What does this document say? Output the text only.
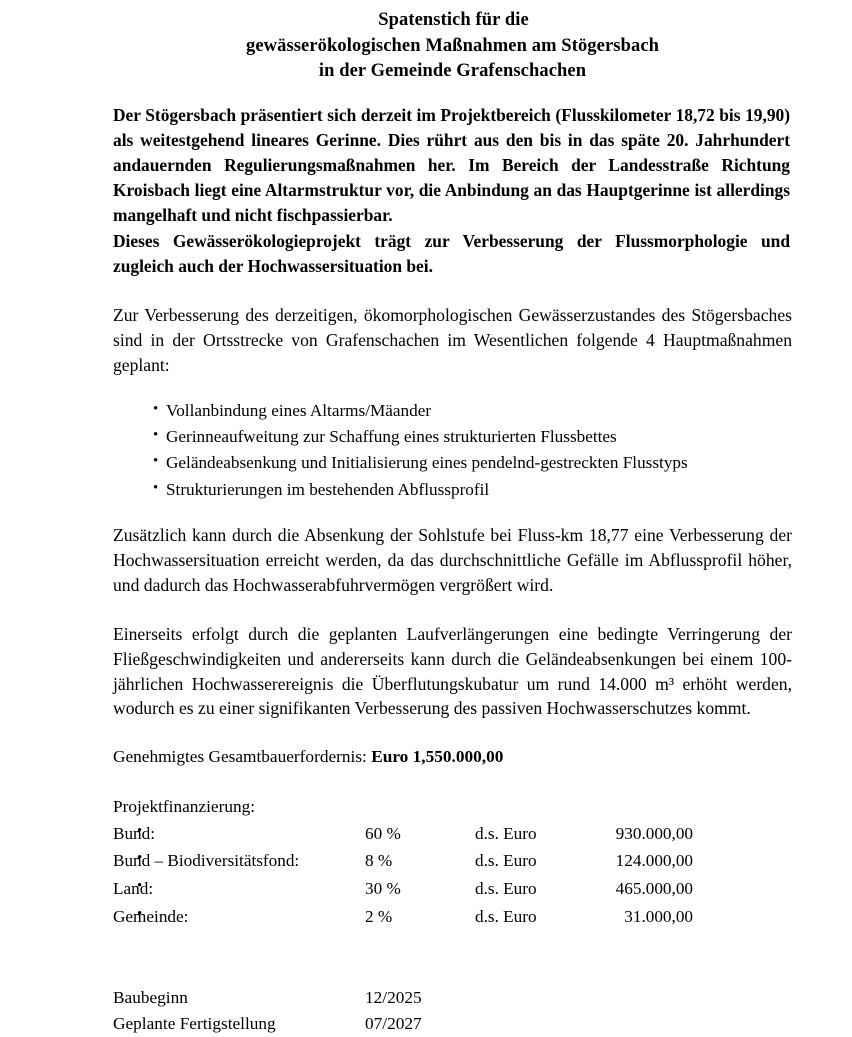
Spatenstich für die
gewässerökologischen Maßnahmen am Stögersbach
in der Gemeinde Grafenschachen

Der Stögersbach präsentiert sich derzeit im Projektbereich (Flusskilometer 18,72 bis 19,90) als weitestgehend lineares Gerinne. Dies rührt aus den bis in das späte 20. Jahrhundert andauernden Regulierungsmaßnahmen her. Im Bereich der Landesstraße Richtung Kroisbach liegt eine Altarmstruktur vor, die Anbindung an das Hauptgerinne ist allerdings mangelhaft und nicht fischpassierbar.

Dieses Gewässerökologieprojekt trägt zur Verbesserung der Flussmorphologie und zugleich auch der Hochwassersituation bei.

Zur Verbesserung des derzeitigen, ökomorphologischen Gewässerzustandes des Stögersbaches sind in der Ortsstrecke von Grafenschachen im Wesentlichen folgende 4 Hauptmaßnahmen geplant:

• Vollanbindung eines Altarms/Mäander
• Gerinneaufweitung zur Schaffung eines strukturierten Flussbettes
• Geländeabsenkung und Initialisierung eines pendelnd-gestreckten Flusstyps
• Strukturierungen im bestehenden Abflussprofil

Zusätzlich kann durch die Absenkung der Sohlstufe bei Fluss-km 18,77 eine Verbesserung der Hochwassersituation erreicht werden, da das durchschnittliche Gefälle im Abflussprofil höher, und dadurch das Hochwasserabfuhrvermögen vergrößert wird.

Einerseits erfolgt durch die geplanten Laufverlängerungen eine bedingte Verringerung der Fließgeschwindigkeiten und andererseits kann durch die Geländeabsenkungen bei einem 100-jährlichen Hochwasserereignis die Überflutungskubatur um rund 14.000 m³ erhöht werden, wodurch es zu einer signifikanten Verbesserung des passiven Hochwasserschutzes kommt.

Genehmigtes Gesamtbauerfordernis: Euro 1,550.000,00
Projektfinanzierung:
• Bund:	60 %	d.s. Euro	930.000,00
• Bund – Biodiversitätsfond:	8 %	d.s. Euro	124.000,00
• Land:	30 %	d.s. Euro	465.000,00
• Gemeinde:	2 %	d.s. Euro	31.000,00
Baubeginn	12/2025
Geplante Fertigstellung	07/2027
